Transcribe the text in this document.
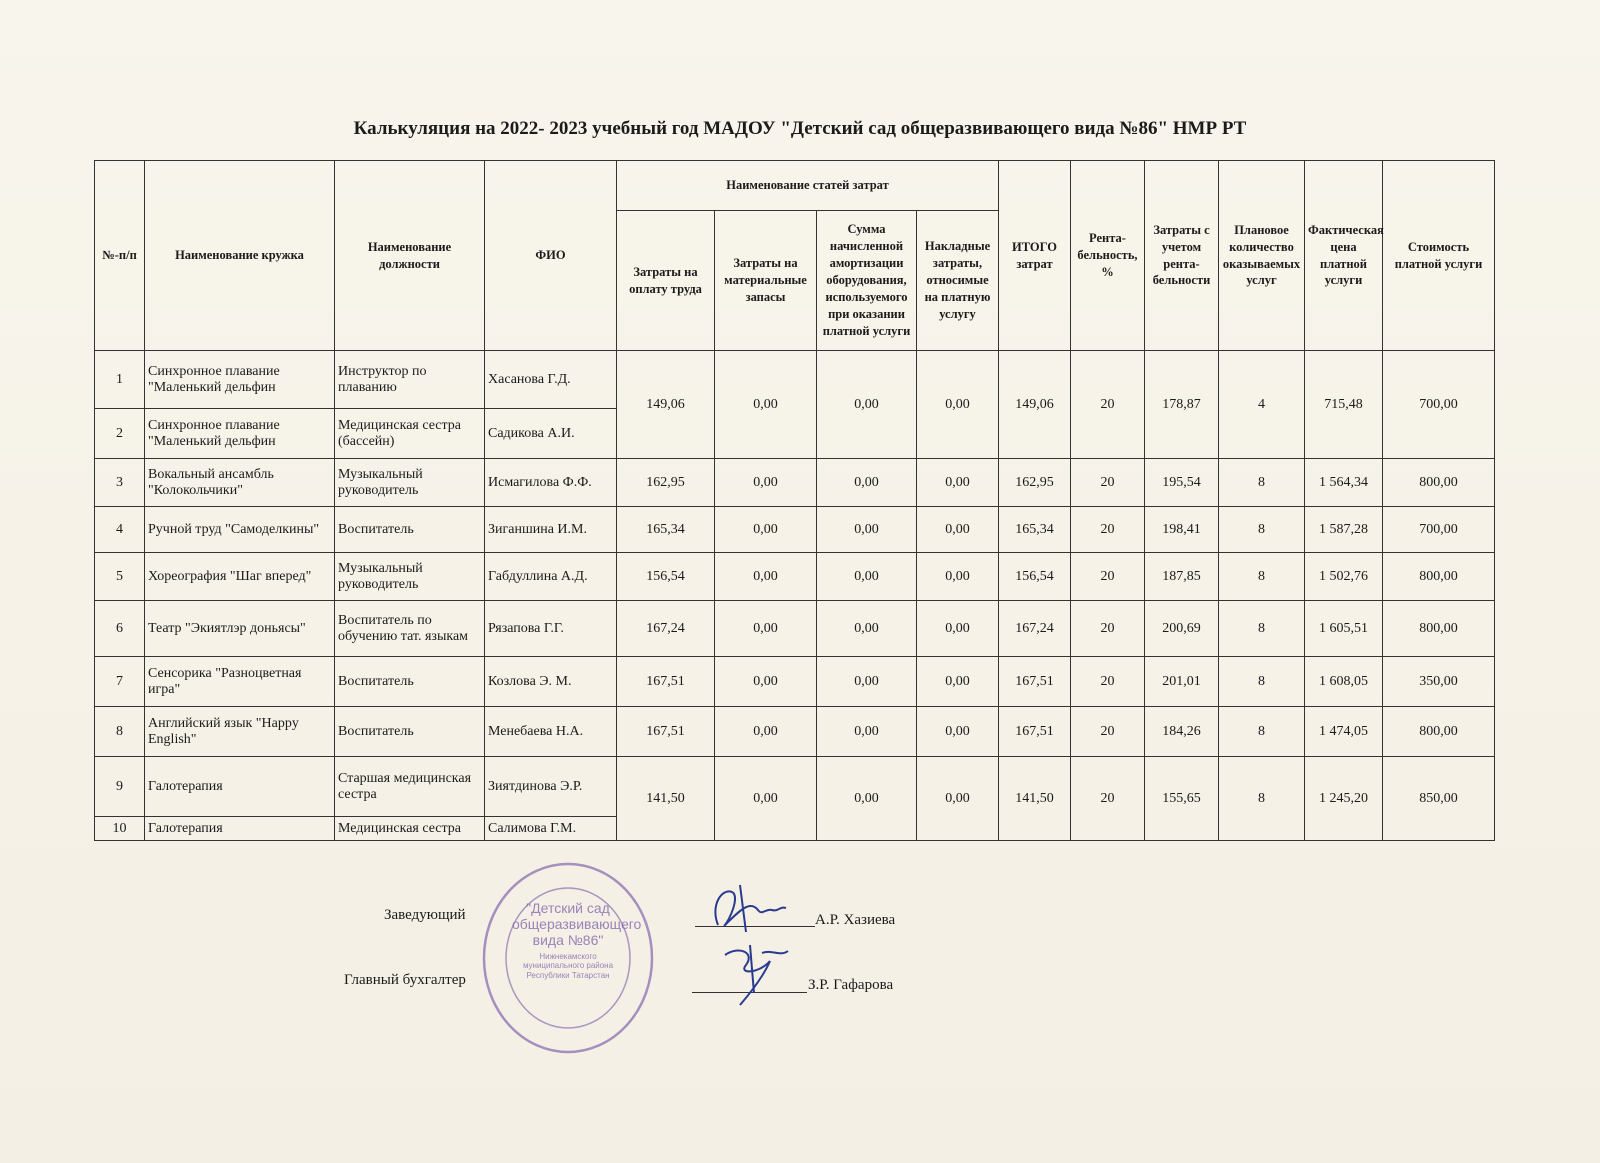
Калькуляция на 2022- 2023 учебный год МАДОУ "Детский сад общеразвивающего вида №86" НМР РТ
№-п/п	Наименование кружка	Наименование должности	ФИО	Наименование статей затрат				ИТОГО затрат	Рента-бельность, %	Затраты с учетом рента-бельности	Плановое количество оказываемых услуг	Фактическая цена платной услуги	Стоимость платной услуги
				Затраты на оплату труда	Затраты на материальные запасы	Сумма начисленной амортизации оборудования, используемого при оказании платной услуги	Накладные затраты, относимые на платную услугу						
1	Синхронное плавание "Маленький дельфин	Инструктор по плаванию	Хасанова Г.Д.	149,06	0,00	0,00	0,00	149,06	20	178,87	4	715,48	700,00
2	Синхронное плавание "Маленький дельфин	Медицинская сестра (бассейн)	Садикова А.И.										
3	Вокальный ансамбль "Колокольчики"	Музыкальный руководитель	Исмагилова Ф.Ф.	162,95	0,00	0,00	0,00	162,95	20	195,54	8	1 564,34	800,00
4	Ручной труд "Самоделкины"	Воспитатель	Зиганшина И.М.	165,34	0,00	0,00	0,00	165,34	20	198,41	8	1 587,28	700,00
5	Хореография "Шаг вперед"	Музыкальный руководитель	Габдуллина А.Д.	156,54	0,00	0,00	0,00	156,54	20	187,85	8	1 502,76	800,00
6	Театр "Экиятлэр доньясы"	Воспитатель по обучению тат. языкам	Рязапова Г.Г.	167,24	0,00	0,00	0,00	167,24	20	200,69	8	1 605,51	800,00
7	Сенсорика "Разноцветная игра"	Воспитатель	Козлова Э. М.	167,51	0,00	0,00	0,00	167,51	20	201,01	8	1 608,05	350,00
8	Английский язык "Happy English"	Воспитатель	Менебаева Н.А.	167,51	0,00	0,00	0,00	167,51	20	184,26	8	1 474,05	800,00
9	Галотерапия	Старшая медицинская сестра	Зиятдинова Э.Р.	141,50	0,00	0,00	0,00	141,50	20	155,65	8	1 245,20	850,00
10	Галотерапия	Медицинская сестра	Салимова Г.М.										
Заведующий	А.Р. Хазиева
Главный бухгалтер	З.Р. Гафарова
"Детский сад общеразвивающего вида №86"
Нижнекамского муниципального района Республики Татарстан
